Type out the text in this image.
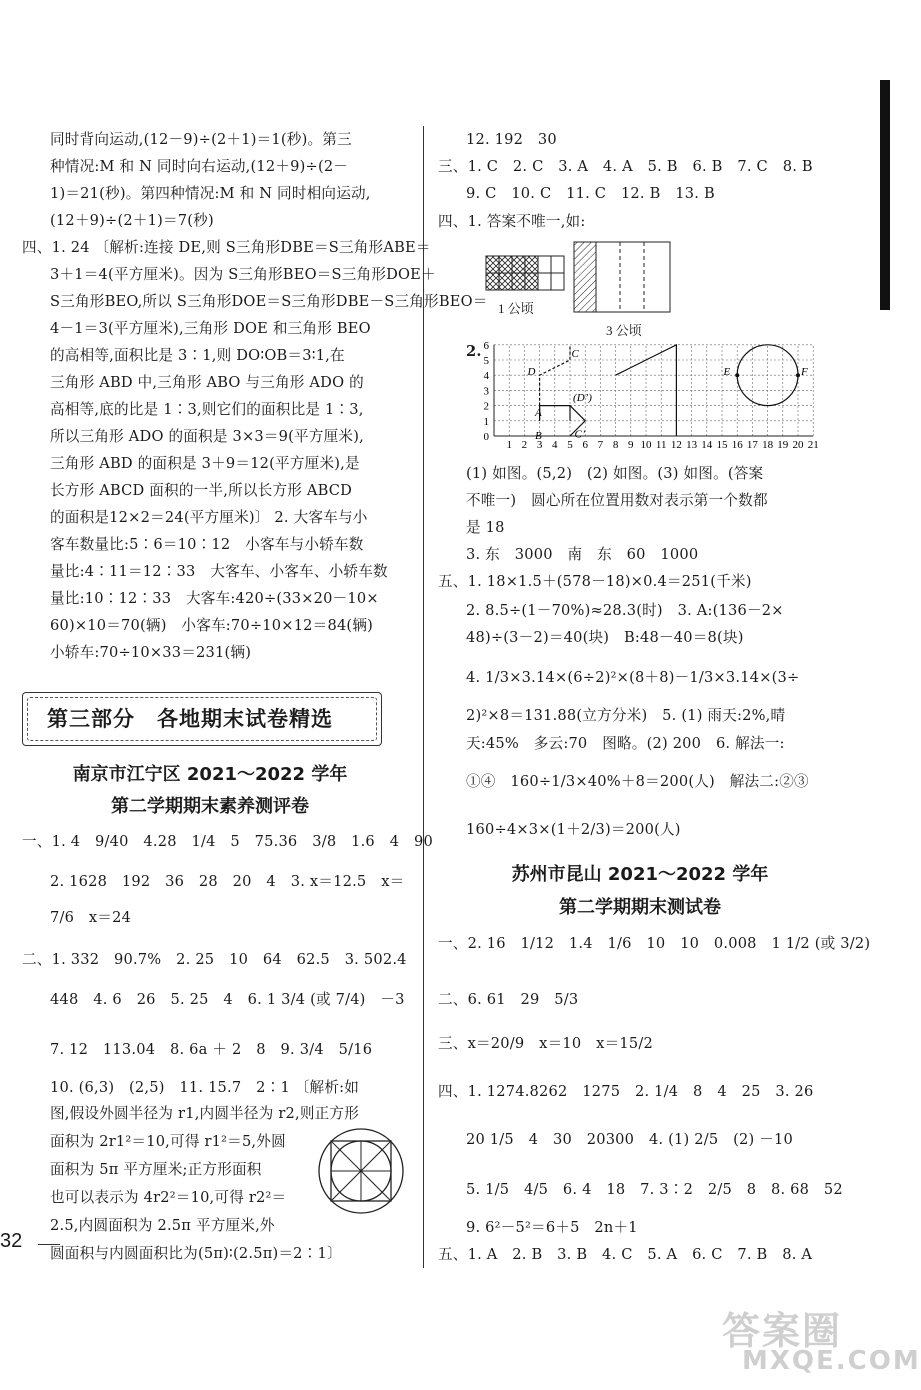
同时背向运动,(12－9)÷(2＋1)＝1(秒)。第三
种情况:M 和 N 同时向右运动,(12＋9)÷(2－
1)＝21(秒)。第四种情况:M 和 N 同时相向运动,
(12＋9)÷(2＋1)＝7(秒)
四、1. 24 〔解析:连接 DE,则 S三角形DBE＝S三角形ABE＝
3＋1＝4(平方厘米)。因为 S三角形BEO＝S三角形DOE＋
S三角形BEO,所以 S三角形DOE＝S三角形DBE－S三角形BEO＝
4－1＝3(平方厘米),三角形 DOE 和三角形 BEO
的高相等,面积比是 3∶1,则 DO∶OB＝3∶1,在
三角形 ABD 中,三角形 ABO 与三角形 ADO 的
高相等,底的比是 1∶3,则它们的面积比是 1∶3,
所以三角形 ADO 的面积是 3×3＝9(平方厘米),
三角形 ABD 的面积是 3＋9＝12(平方厘米),是
长方形 ABCD 面积的一半,所以长方形 ABCD
的面积是12×2＝24(平方厘米)〕 2. 大客车与小
客车数量比:5∶6＝10∶12　小客车与小轿车数
量比:4∶11＝12∶33　大客车、小客车、小轿车数
量比:10∶12∶33　大客车:420÷(33×20－10×
60)×10＝70(辆)　小客车:70÷10×12＝84(辆)
小轿车:70÷10×33＝231(辆)
第三部分　各地期末试卷精选
南京市江宁区 2021～2022 学年
第二学期期末素养测评卷
一、1. 4　9/40　4.28　1/4　5　75.36　3/8　1.6　4　90
2. 1628　192　36　28　20　4　3. x＝12.5　x＝
7/6　x＝24
二、1. 332　90.7%　2. 25　10　64　62.5　3. 502.4
448　4. 6　26　5. 25　4　6. 1 3/4 (或 7/4)　－3
7. 12　113.04　8. 6a ＋ 2　8　9. 3/4　5/16
10. (6,3)　(2,5)　11. 15.7　2∶1 〔解析:如
图,假设外圆半径为 r1,内圆半径为 r2,则正方形
面积为 2r1²＝10,可得 r1²＝5,外圆
面积为 5π 平方厘米;正方形面积
也可以表示为 4r2²＝10,可得 r2²＝
2.5,内圆面积为 2.5π 平方厘米,外
圆面积与内圆面积比为(5π)∶(2.5π)＝2∶1〕
32
12. 192　30
三、1. C　2. C　3. A　4. A　5. B　6. B　7. C　8. B
9. C　10. C　11. C　12. B　13. B
四、1. 答案不唯一,如:
1 公顷
3 公顷
2.
1 2 3 4 5 6 7 8 9 10 11 12 13 14 15 16 17 18 19 20 21
0
1
2
3
4
5
6
A
B
C
D
(D’)
C’
E	F
(1) 如图。(5,2)　(2) 如图。(3) 如图。(答案
不唯一)　圆心所在位置用数对表示第一个数都
是 18
3. 东　3000　南　东　60　1000
五、1. 18×1.5＋(578－18)×0.4＝251(千米)
2. 8.5÷(1－70%)≈28.3(时)　3. A:(136－2×
48)÷(3－2)＝40(块)　B:48－40＝8(块)
4. 1/3×3.14×(6÷2)²×(8＋8)－1/3×3.14×(3÷
2)²×8＝131.88(立方分米)　5. (1) 雨天:2%,晴
天:45%　多云:70　图略。(2) 200　6. 解法一:
①④　160÷1/3×40%＋8＝200(人)　解法二:②③
160÷4×3×(1＋2/3)＝200(人)
苏州市昆山 2021～2022 学年
第二学期期末测试卷
一、2. 16　1/12　1.4　1/6　10　10　0.008　1 1/2 (或 3/2)
二、6. 61　29　5/3
三、x＝20/9　x＝10　x＝15/2
四、1. 1274.8262　1275　2. 1/4　8　4　25　3. 26
20 1/5　4　30　20300　4. (1) 2/5　(2) －10
5. 1/5　4/5　6. 4　18　7. 3∶2　2/5　8　8. 68　52
9. 6²－5²＝6＋5　2n＋1
五、1. A　2. B　3. B　4. C　5. A　6. C　7. B　8. A
答案圈
MXQE.COM
